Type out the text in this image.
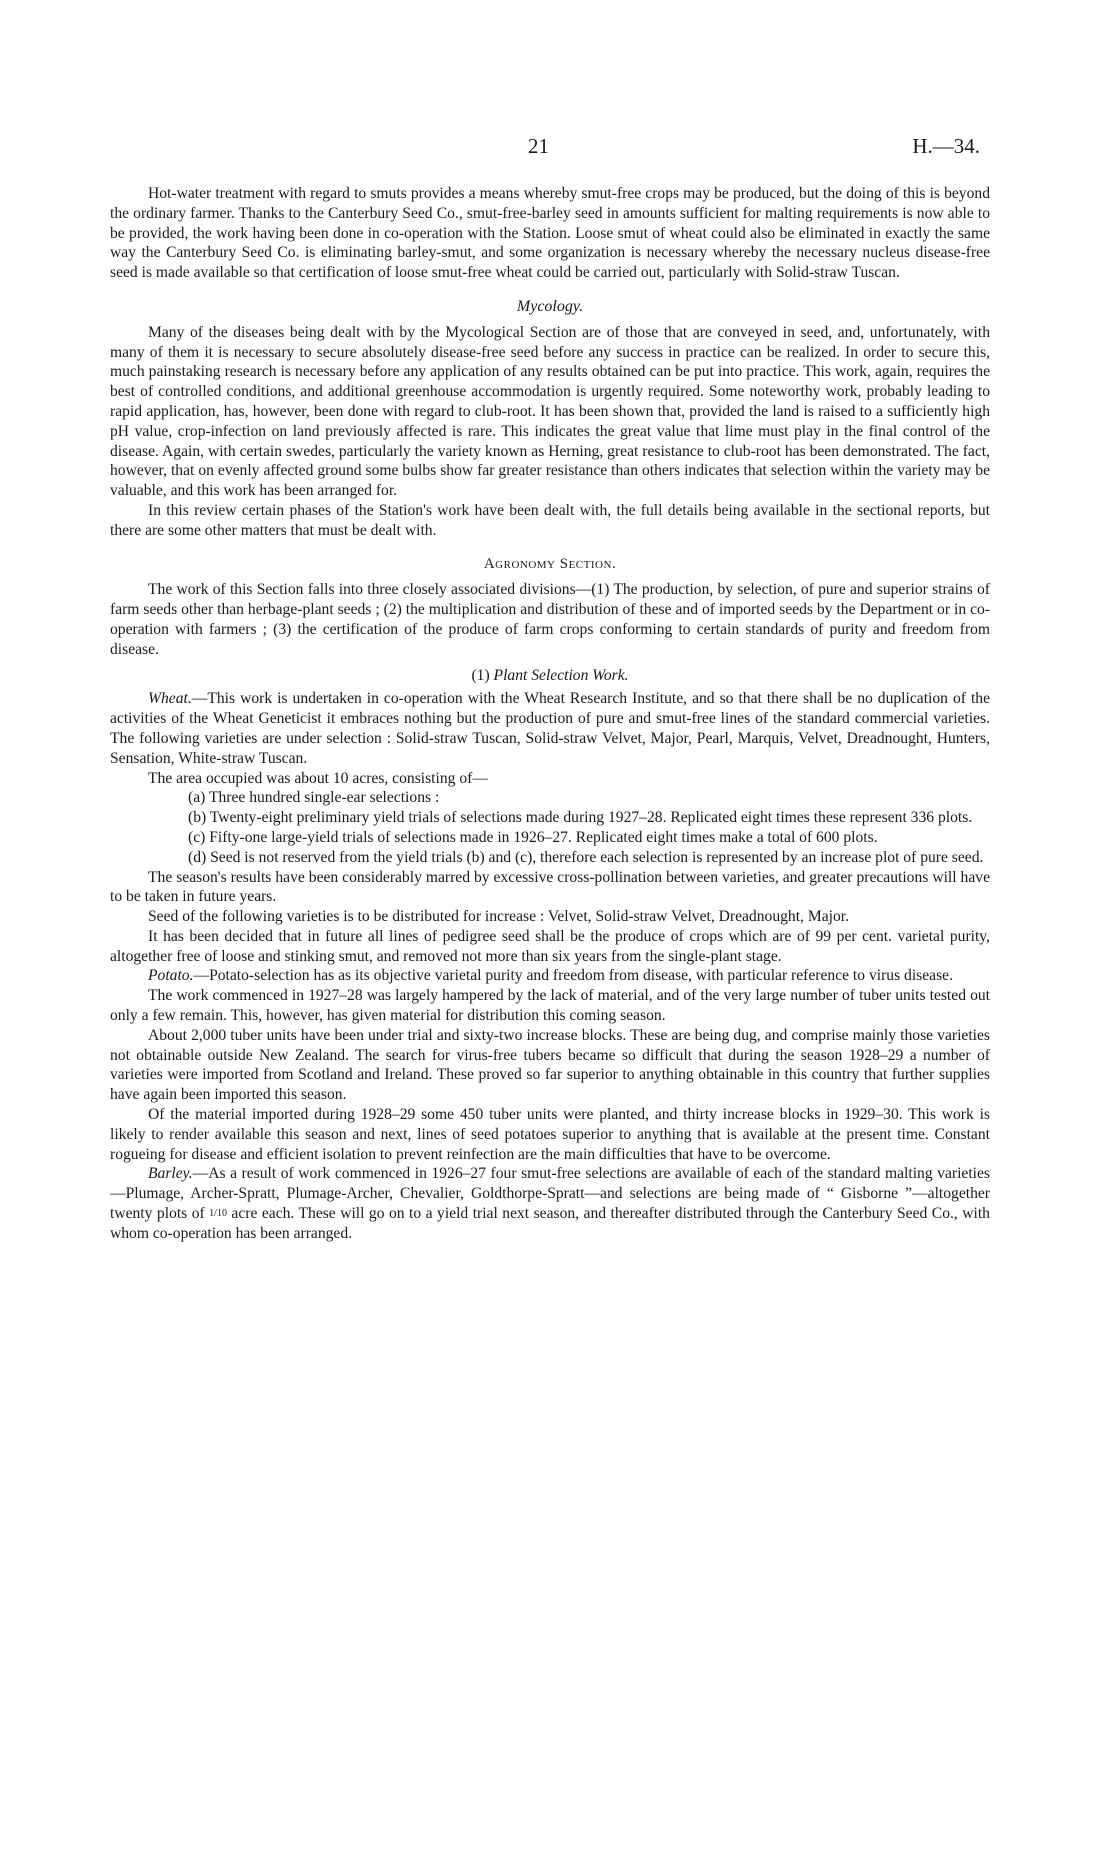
21	H.—34.

Hot-water treatment with regard to smuts provides a means whereby smut-free crops may be produced, but the doing of this is beyond the ordinary farmer. Thanks to the Canterbury Seed Co., smut-free-barley seed in amounts sufficient for malting requirements is now able to be provided, the work having been done in co-operation with the Station. Loose smut of wheat could also be eliminated in exactly the same way the Canterbury Seed Co. is eliminating barley-smut, and some organization is necessary whereby the necessary nucleus disease-free seed is made available so that certification of loose smut-free wheat could be carried out, particularly with Solid-straw Tuscan.

Mycology.

Many of the diseases being dealt with by the Mycological Section are of those that are conveyed in seed, and, unfortunately, with many of them it is necessary to secure absolutely disease-free seed before any success in practice can be realized. In order to secure this, much painstaking research is necessary before any application of any results obtained can be put into practice. This work, again, requires the best of controlled conditions, and additional greenhouse accommodation is urgently required. Some noteworthy work, probably leading to rapid application, has, however, been done with regard to club-root. It has been shown that, provided the land is raised to a sufficiently high pH value, crop-infection on land previously affected is rare. This indicates the great value that lime must play in the final control of the disease. Again, with certain swedes, particularly the variety known as Herning, great resistance to club-root has been demonstrated. The fact, however, that on evenly affected ground some bulbs show far greater resistance than others indicates that selection within the variety may be valuable, and this work has been arranged for.

In this review certain phases of the Station's work have been dealt with, the full details being available in the sectional reports, but there are some other matters that must be dealt with.

Agronomy Section.

The work of this Section falls into three closely associated divisions—(1) The production, by selection, of pure and superior strains of farm seeds other than herbage-plant seeds ; (2) the multiplication and distribution of these and of imported seeds by the Department or in co-operation with farmers ; (3) the certification of the produce of farm crops conforming to certain standards of purity and freedom from disease.

(1) Plant Selection Work.

Wheat.—This work is undertaken in co-operation with the Wheat Research Institute, and so that there shall be no duplication of the activities of the Wheat Geneticist it embraces nothing but the production of pure and smut-free lines of the standard commercial varieties. The following varieties are under selection : Solid-straw Tuscan, Solid-straw Velvet, Major, Pearl, Marquis, Velvet, Dreadnought, Hunters, Sensation, White-straw Tuscan.

The area occupied was about 10 acres, consisting of—

(a) Three hundred single-ear selections :
(b) Twenty-eight preliminary yield trials of selections made during 1927–28. Replicated eight times these represent 336 plots.
(c) Fifty-one large-yield trials of selections made in 1926–27. Replicated eight times make a total of 600 plots.
(d) Seed is not reserved from the yield trials (b) and (c), therefore each selection is represented by an increase plot of pure seed.

The season's results have been considerably marred by excessive cross-pollination between varieties, and greater precautions will have to be taken in future years.

Seed of the following varieties is to be distributed for increase : Velvet, Solid-straw Velvet, Dreadnought, Major.

It has been decided that in future all lines of pedigree seed shall be the produce of crops which are of 99 per cent. varietal purity, altogether free of loose and stinking smut, and removed not more than six years from the single-plant stage.

Potato.—Potato-selection has as its objective varietal purity and freedom from disease, with particular reference to virus disease.

The work commenced in 1927–28 was largely hampered by the lack of material, and of the very large number of tuber units tested out only a few remain. This, however, has given material for distribution this coming season.

About 2,000 tuber units have been under trial and sixty-two increase blocks. These are being dug, and comprise mainly those varieties not obtainable outside New Zealand. The search for virus-free tubers became so difficult that during the season 1928–29 a number of varieties were imported from Scotland and Ireland. These proved so far superior to anything obtainable in this country that further supplies have again been imported this season.

Of the material imported during 1928–29 some 450 tuber units were planted, and thirty increase blocks in 1929–30. This work is likely to render available this season and next, lines of seed potatoes superior to anything that is available at the present time. Constant rogueing for disease and efficient isolation to prevent reinfection are the main difficulties that have to be overcome.

Barley.—As a result of work commenced in 1926–27 four smut-free selections are available of each of the standard malting varieties—Plumage, Archer-Spratt, Plumage-Archer, Chevalier, Goldthorpe-Spratt—and selections are being made of “ Gisborne ”—altogether twenty plots of 1/10 acre each. These will go on to a yield trial next season, and thereafter distributed through the Canterbury Seed Co., with whom co-operation has been arranged.
